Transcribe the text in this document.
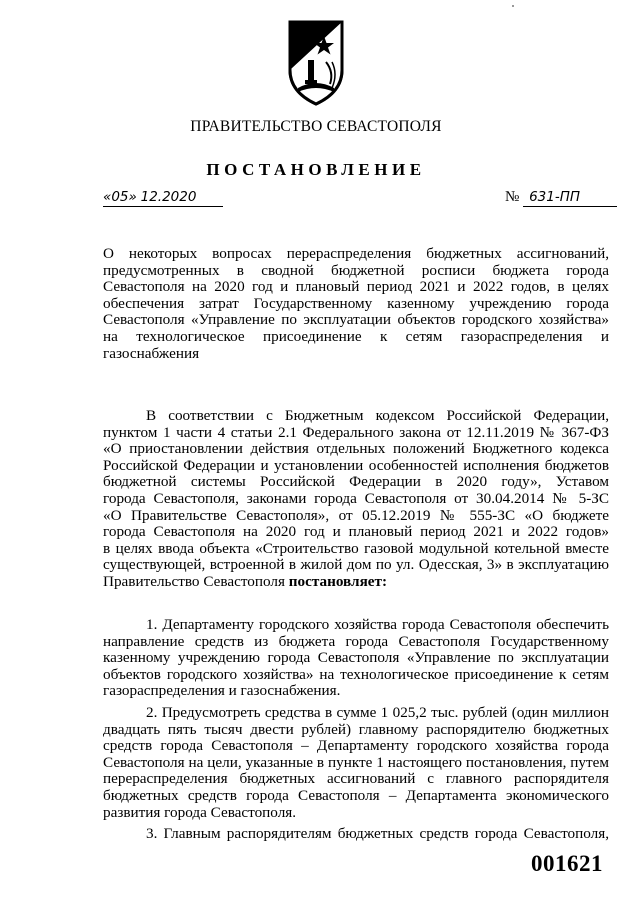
ПРАВИТЕЛЬСТВО СЕВАСТОПОЛЯ
ПОСТАНОВЛЕНИЕ
«05» 12.2020	№ 631-ПП
О некоторых вопросах перераспределения бюджетных ассигнований,
предусмотренных в сводной бюджетной росписи бюджета города
Севастополя на 2020 год и плановый период 2021 и 2022 годов, в целях
обеспечения затрат Государственному казенному учреждению города
Севастополя «Управление по эксплуатации объектов городского хозяйства»
на технологическое присоединение к сетям газораспределения и
газоснабжения
В соответствии с Бюджетным кодексом Российской Федерации,
пунктом 1 части 4 статьи 2.1 Федерального закона от 12.11.2019 № 367-ФЗ
«О приостановлении действия отдельных положений Бюджетного кодекса
Российской Федерации и установлении особенностей исполнения бюджетов
бюджетной системы Российской Федерации в 2020 году», Уставом
города Севастополя, законами города Севастополя от 30.04.2014 № 5-ЗС
«О Правительстве Севастополя», от 05.12.2019 № 555-ЗС «О бюджете
города Севастополя на 2020 год и плановый период 2021 и 2022 годов»
в целях ввода объекта «Строительство газовой модульной котельной вместе
существующей, встроенной в жилой дом по ул. Одесская, 3» в эксплуатацию
Правительство Севастополя постановляет:
1. Департаменту городского хозяйства города Севастополя обеспечить
направление средств из бюджета города Севастополя Государственному
казенному учреждению города Севастополя «Управление по эксплуатации
объектов городского хозяйства» на технологическое присоединение к сетям
газораспределения и газоснабжения.
2. Предусмотреть средства в сумме 1 025,2 тыс. рублей (один миллион
двадцать пять тысяч двести рублей) главному распорядителю бюджетных
средств города Севастополя – Департаменту городского хозяйства города
Севастополя на цели, указанные в пункте 1 настоящего постановления, путем
перераспределения бюджетных ассигнований с главного распорядителя
бюджетных средств города Севастополя – Департамента экономического
развития города Севастополя.
3. Главным распорядителям бюджетных средств города Севастополя,
001621
